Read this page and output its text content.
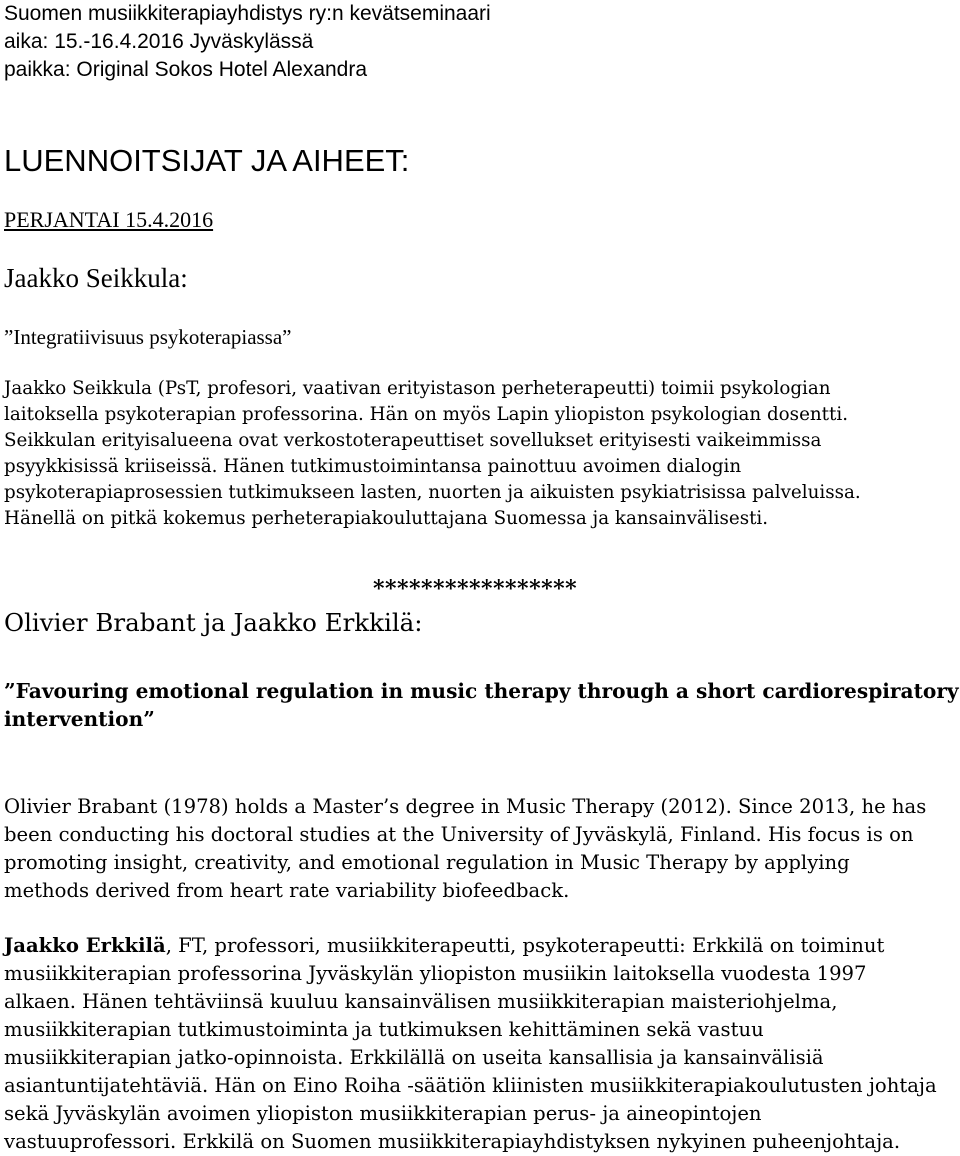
Suomen musiikkiterapiayhdistys ry:n kevätseminaari
aika: 15.-16.4.2016 Jyväskylässä
paikka: Original Sokos Hotel Alexandra
LUENNOITSIJAT JA AIHEET:
PERJANTAI 15.4.2016
Jaakko Seikkula:
”Integratiivisuus psykoterapiassa”
Jaakko Seikkula (PsT, profesori, vaativan erityistason perheterapeutti) toimii psykologian
laitoksella psykoterapian professorina. Hän on myös Lapin yliopiston psykologian dosentti.
Seikkulan erityisalueena ovat verkostoterapeuttiset sovellukset erityisesti vaikeimmissa
psyykkisissä kriiseissä. Hänen tutkimustoimintansa painottuu avoimen dialogin
psykoterapiaprosessien tutkimukseen lasten, nuorten ja aikuisten psykiatrisissa palveluissa.
Hänellä on pitkä kokemus perheterapiakouluttajana Suomessa ja kansainvälisesti.
*****************
Olivier Brabant ja Jaakko Erkkilä:
”Favouring emotional regulation in music therapy through a short cardiorespiratory
intervention”
Olivier Brabant (1978) holds a Master’s degree in Music Therapy (2012). Since 2013, he has
been conducting his doctoral studies at the University of Jyväskylä, Finland. His focus is on
promoting insight, creativity, and emotional regulation in Music Therapy by applying
methods derived from heart rate variability biofeedback.
Jaakko Erkkilä, FT, professori, musiikkiterapeutti, psykoterapeutti: Erkkilä on toiminut
musiikkiterapian professorina Jyväskylän yliopiston musiikin laitoksella vuodesta 1997
alkaen. Hänen tehtäviinsä kuuluu kansainvälisen musiikkiterapian maisteriohjelma,
musiikkiterapian tutkimustoiminta ja tutkimuksen kehittäminen sekä vastuu
musiikkiterapian jatko-opinnoista. Erkkilällä on useita kansallisia ja kansainvälisiä
asiantuntijatehtäviä. Hän on Eino Roiha -säätiön kliinisten musiikkiterapiakoulutusten johtaja
sekä Jyväskylän avoimen yliopiston musiikkiterapian perus- ja aineopintojen
vastuuprofessori. Erkkilä on Suomen musiikkiterapiayhdistyksen nykyinen puheenjohtaja.
